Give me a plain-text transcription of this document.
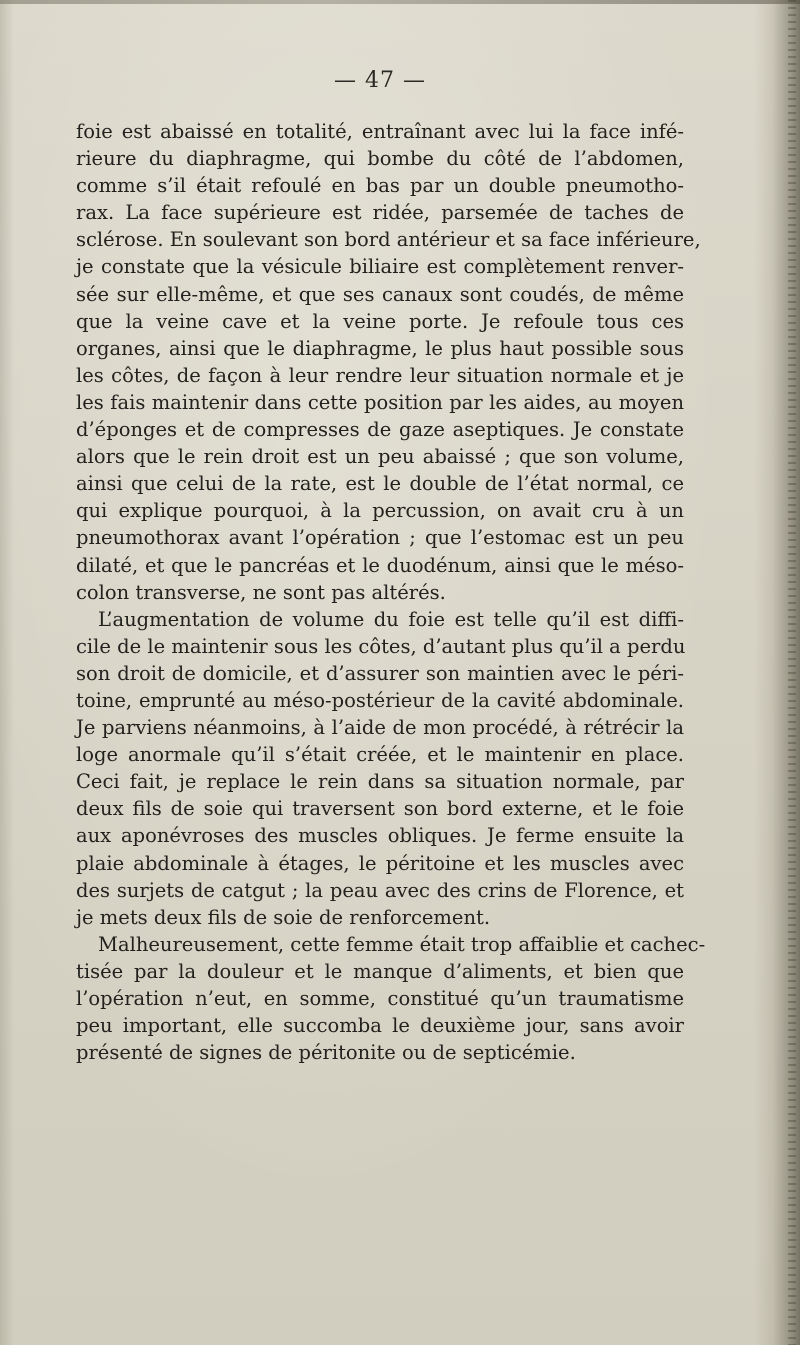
— 47 —
foie est abaissé en totalité, entraînant avec lui la face infé-
rieure du diaphragme, qui bombe du côté de l’abdomen,
comme s’il était refoulé en bas par un double pneumotho-
rax. La face supérieure est ridée, parsemée de taches de
sclérose. En soulevant son bord antérieur et sa face inférieure,
je constate que la vésicule biliaire est complètement renver-
sée sur elle-même, et que ses canaux sont coudés, de même
que la veine cave et la veine porte. Je refoule tous ces
organes, ainsi que le diaphragme, le plus haut possible sous
les côtes, de façon à leur rendre leur situation normale et je
les fais maintenir dans cette position par les aides, au moyen
d’éponges et de compresses de gaze aseptiques. Je constate
alors que le rein droit est un peu abaissé ; que son volume,
ainsi que celui de la rate, est le double de l’état normal, ce
qui explique pourquoi, à la percussion, on avait cru à un
pneumothorax avant l’opération ; que l’estomac est un peu
dilaté, et que le pancréas et le duodénum, ainsi que le méso-
colon transverse, ne sont pas altérés.
L’augmentation de volume du foie est telle qu’il est diffi-
cile de le maintenir sous les côtes, d’autant plus qu’il a perdu
son droit de domicile, et d’assurer son maintien avec le péri-
toine, emprunté au méso-postérieur de la cavité abdominale.
Je parviens néanmoins, à l’aide de mon procédé, à rétrécir la
loge anormale qu’il s’était créée, et le maintenir en place.
Ceci fait, je replace le rein dans sa situation normale, par
deux fils de soie qui traversent son bord externe, et le foie
aux aponévroses des muscles obliques. Je ferme ensuite la
plaie abdominale à étages, le péritoine et les muscles avec
des surjets de catgut ; la peau avec des crins de Florence, et
je mets deux fils de soie de renforcement.
Malheureusement, cette femme était trop affaiblie et cachec-
tisée par la douleur et le manque d’aliments, et bien que
l’opération n’eut, en somme, constitué qu’un traumatisme
peu important, elle succomba le deuxième jour, sans avoir
présenté de signes de péritonite ou de septicémie.
